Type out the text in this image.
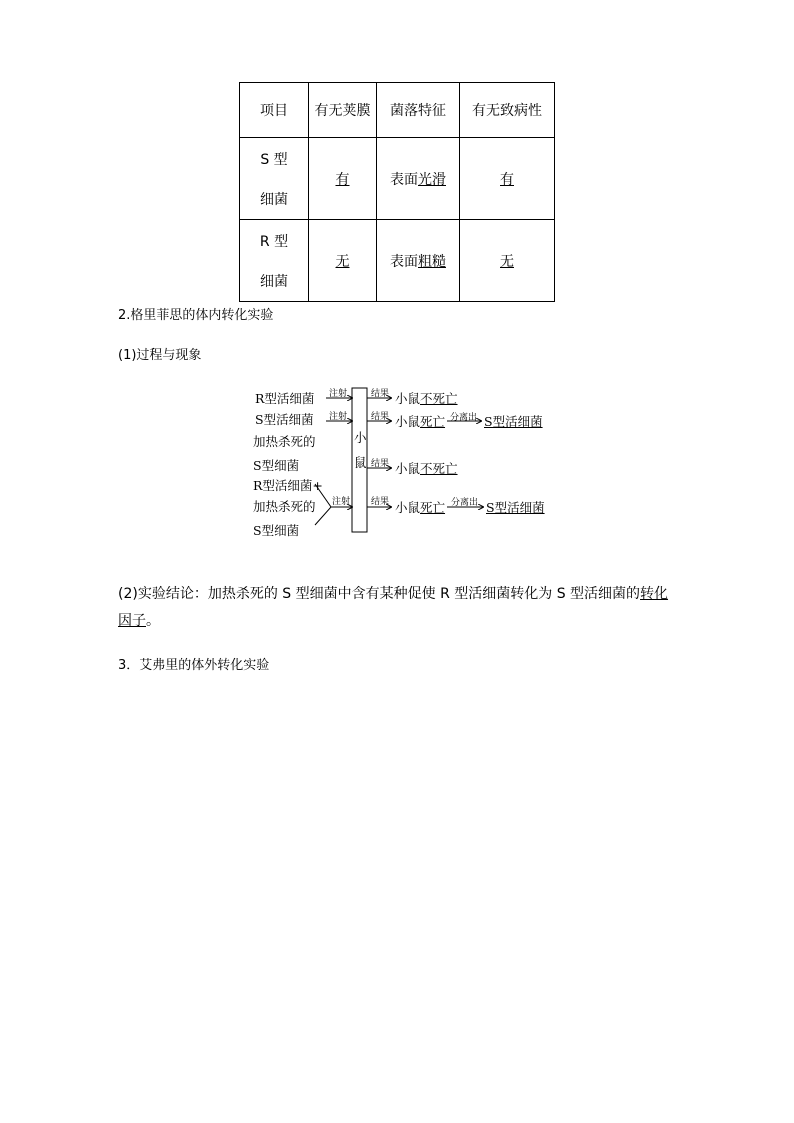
项目	有无荚膜	菌落特征	有无致病性

S 型
细菌	有	表面光滑	有

R 型
细菌	无	表面粗糙	无
2.格里菲思的体内转化实验
(1)过程与现象
小
鼠
R型活细菌
S型活细菌
加热杀死的
S型细菌
R型活细菌+
加热杀死的
S型细菌
注射
注射
注射
结果
结果
结果
结果
小鼠不死亡
小鼠死亡
小鼠不死亡
小鼠死亡
分离出
分离出
S型活细菌
S型活细菌
(2)实验结论：加热杀死的 S 型细菌中含有某种促使 R 型活细菌转化为 S 型活细菌的转化因子。
3．艾弗里的体外转化实验
